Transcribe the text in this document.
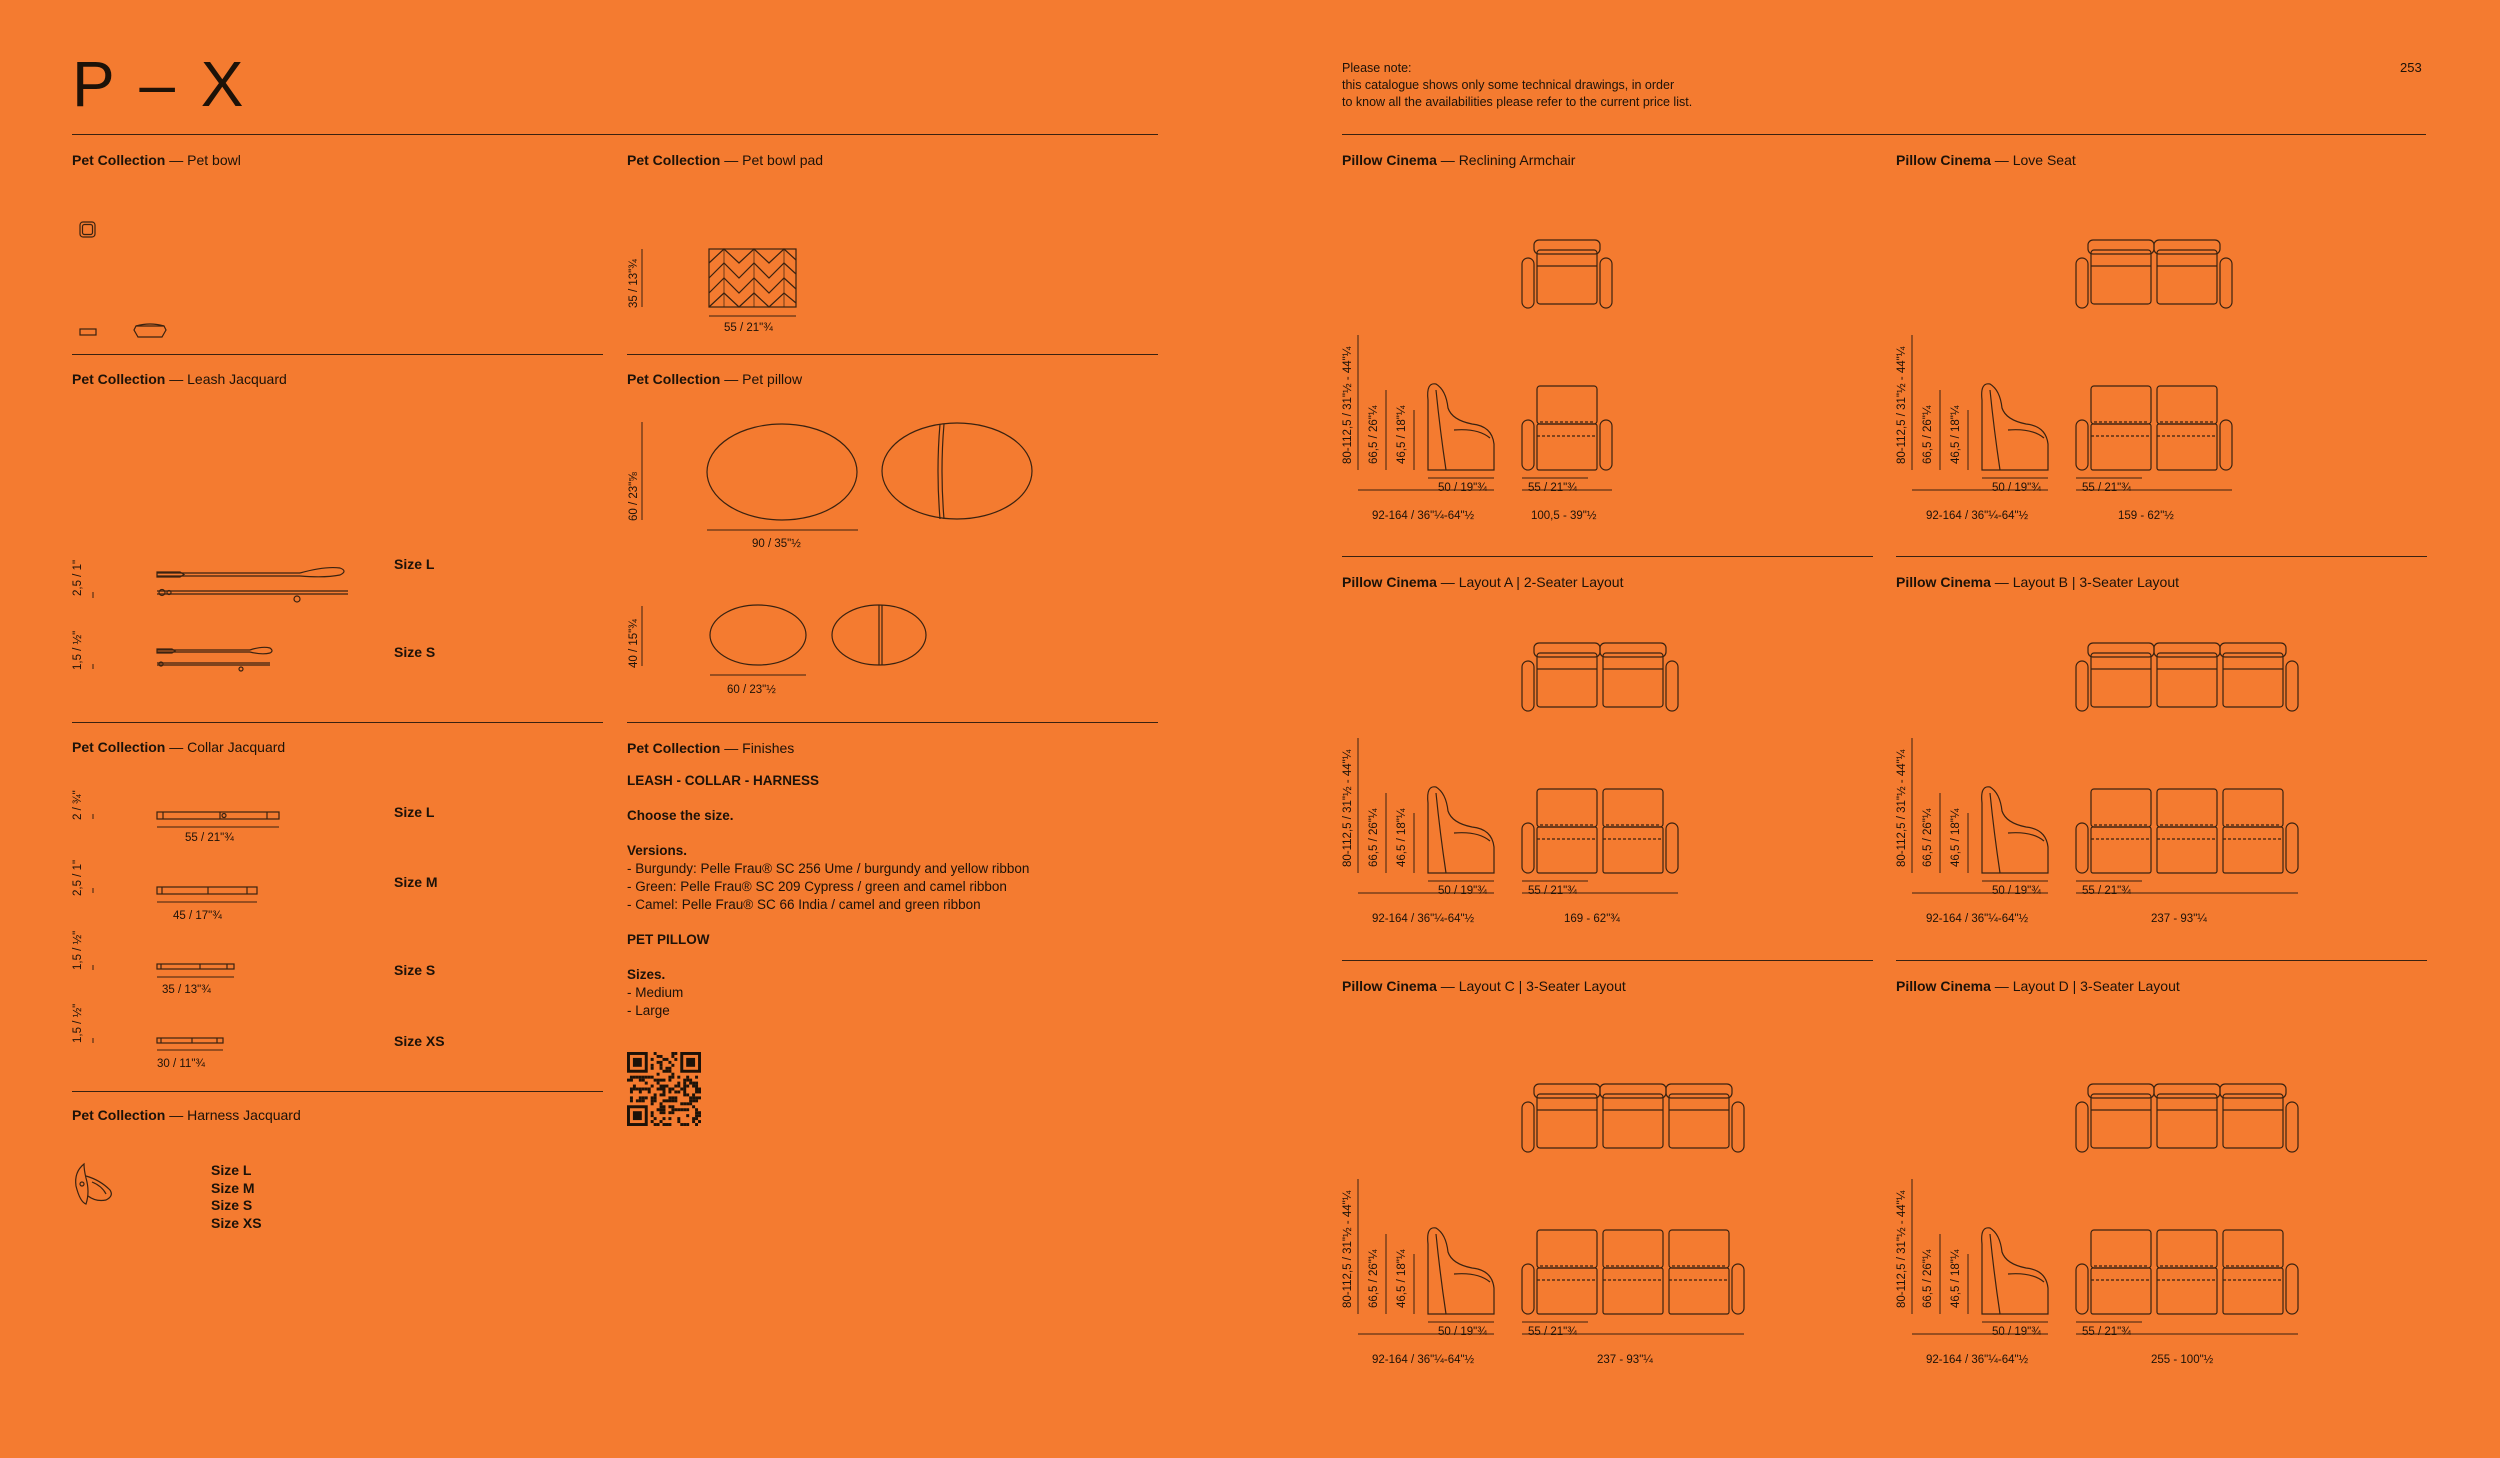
P – X	Please note:
this catalogue shows only some technical drawings, in order
to know all the availabilities please refer to the current price list.
253
Pet Collection — Pet bowl	Pet Collection — Pet bowl pad
35 / 13"¾
55 / 21"¾
Pet Collection — Leash Jacquard
2,5 / 1"
1,5 / ½"
Size L
Size S
Pet Collection — Pet pillow
60 / 23"⅝
90 / 35"½
40 / 15"¾
60 / 23"½
Pet Collection — Collar Jacquard
2 / ¾"
2,5 / 1"
1,5 / ½"
1,5 / ½"
55 / 21"¾
Size L
45 / 17"¾
Size M
35 / 13"¾
Size S
30 / 11"¾
Size XS
Pet Collection — Harness Jacquard
Size L
Size M
Size S
Size XS
Pet Collection — Finishes
LEASH - COLLAR - HARNESS
Choose the size.
Versions.
- Burgundy: Pelle Frau® SC 256 Ume / burgundy and yellow ribbon
- Green: Pelle Frau® SC 209 Cypress / green and camel ribbon
- Camel: Pelle Frau® SC 66 India / camel and green ribbon
PET PILLOW
Sizes.
- Medium
- Large
Pillow Cinema — Reclining Armchair
80-112,5 / 31"½ - 44"¼ 66,5 / 26"¼ 46,5 / 18"¼
50 / 19"¾	55 / 21"¾
92-164 / 36"¼-64"½	100,5 - 39"½
Pillow Cinema — Love Seat
80-112,5 / 31"½ - 44"¼ 66,5 / 26"¼ 46,5 / 18"¼
50 / 19"¾	55 / 21"¾
92-164 / 36"¼-64"½	159 - 62"½
Pillow Cinema — Layout A | 2-Seater Layout
80-112,5 / 31"½ - 44"¼ 66,5 / 26"¼ 46,5 / 18"¼
50 / 19"¾	55 / 21"¾
92-164 / 36"¼-64"½	169 - 62"¾
Pillow Cinema — Layout B | 3-Seater Layout
80-112,5 / 31"½ - 44"¼ 66,5 / 26"¼ 46,5 / 18"¼
50 / 19"¾	55 / 21"¾
92-164 / 36"¼-64"½	237 - 93"¼
Pillow Cinema — Layout C | 3-Seater Layout
80-112,5 / 31"½ - 44"¼ 66,5 / 26"¼ 46,5 / 18"¼
50 / 19"¾	55 / 21"¾
92-164 / 36"¼-64"½	237 - 93"¼
Pillow Cinema — Layout D | 3-Seater Layout
80-112,5 / 31"½ - 44"¼ 66,5 / 26"¼ 46,5 / 18"¼
50 / 19"¾	55 / 21"¾
92-164 / 36"¼-64"½	255 - 100"½
